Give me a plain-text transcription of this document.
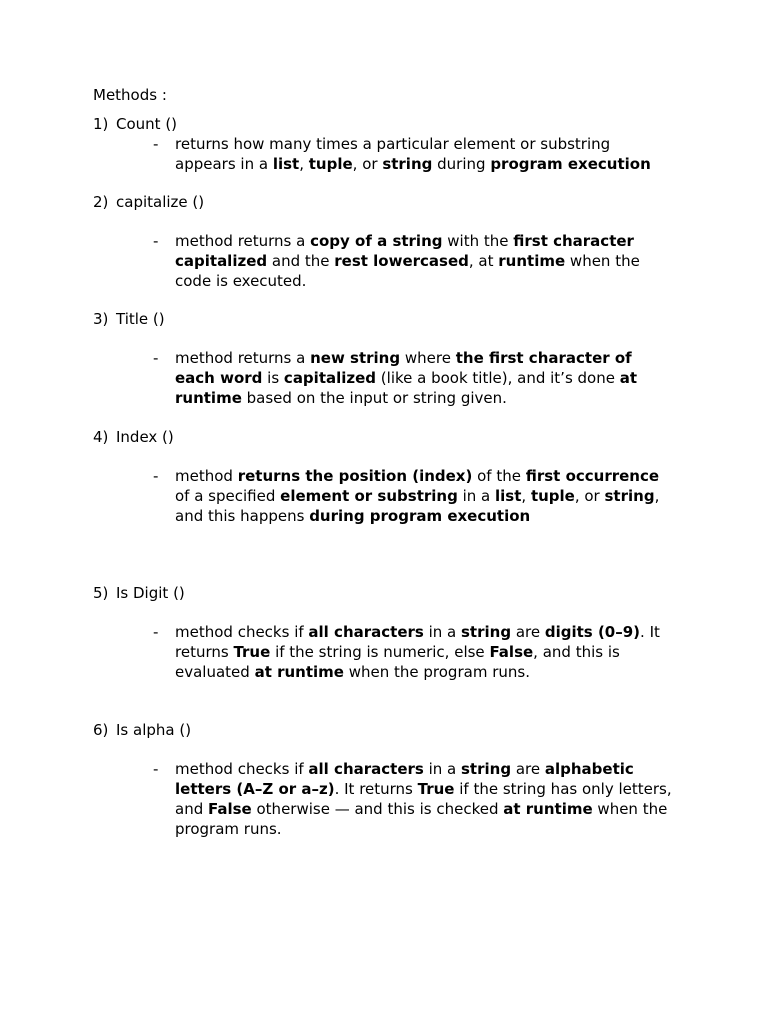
Methods :

1) Count ()

-	returns how many times a particular element or substring appears in a list, tuple, or string during program execution

2) capitalize ()

-	method returns a copy of a string with the first character capitalized and the rest lowercased, at runtime when the code is executed.

3) Title ()

-	method returns a new string where the first character of each word is capitalized (like a book title), and it’s done at runtime based on the input or string given.

4) Index ()

-	method returns the position (index) of the first occurrence of a specified element or substring in a list, tuple, or string, and this happens during program execution

5) Is Digit ()

-	method checks if all characters in a string are digits (0–9). It returns True if the string is numeric, else False, and this is evaluated at runtime when the program runs.

6) Is alpha ()

-	method checks if all characters in a string are alphabetic letters (A–Z or a–z). It returns True if the string has only letters, and False otherwise — and this is checked at runtime when the program runs.
